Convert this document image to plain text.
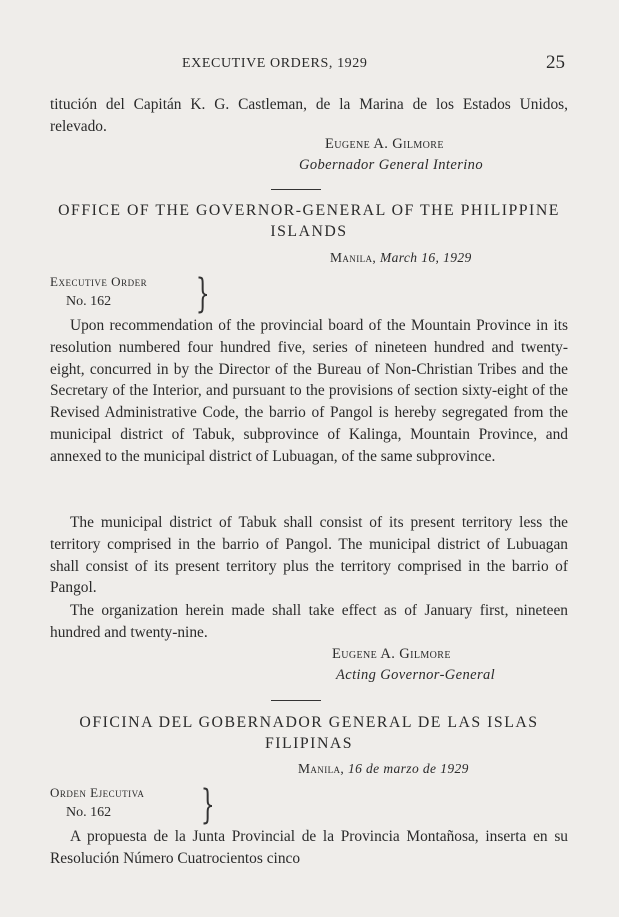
EXECUTIVE ORDERS, 1929	25

titución del Capitán K. G. Castleman, de la Marina de los Estados Unidos, relevado.

Eugene A. Gilmore
Gobernador General Interino

OFFICE OF THE GOVERNOR-GENERAL OF THE PHILIPPINE ISLANDS

Manila, March 16, 1929
Executive Order
No. 162 }

Upon recommendation of the provincial board of the Mountain Province in its resolution numbered four hundred five, series of nineteen hundred and twenty-eight, concurred in by the Director of the Bureau of Non-Christian Tribes and the Secretary of the Interior, and pursuant to the provisions of section sixty-eight of the Revised Administrative Code, the barrio of Pangol is hereby segregated from the municipal district of Tabuk, subprovince of Kalinga, Mountain Province, and annexed to the municipal district of Lubuagan, of the same subprovince.

The municipal district of Tabuk shall consist of its present territory less the territory comprised in the barrio of Pangol. The municipal district of Lubuagan shall consist of its present territory plus the territory comprised in the barrio of Pangol.

The organization herein made shall take effect as of January first, nineteen hundred and twenty-nine.

Eugene A. Gilmore
Acting Governor-General

OFICINA DEL GOBERNADOR GENERAL DE LAS ISLAS FILIPINAS

Manila, 16 de marzo de 1929
Orden Ejecutiva
No. 162 }

A propuesta de la Junta Provincial de la Provincia Montañosa, inserta en su Resolución Número Cuatrocientos cinco
